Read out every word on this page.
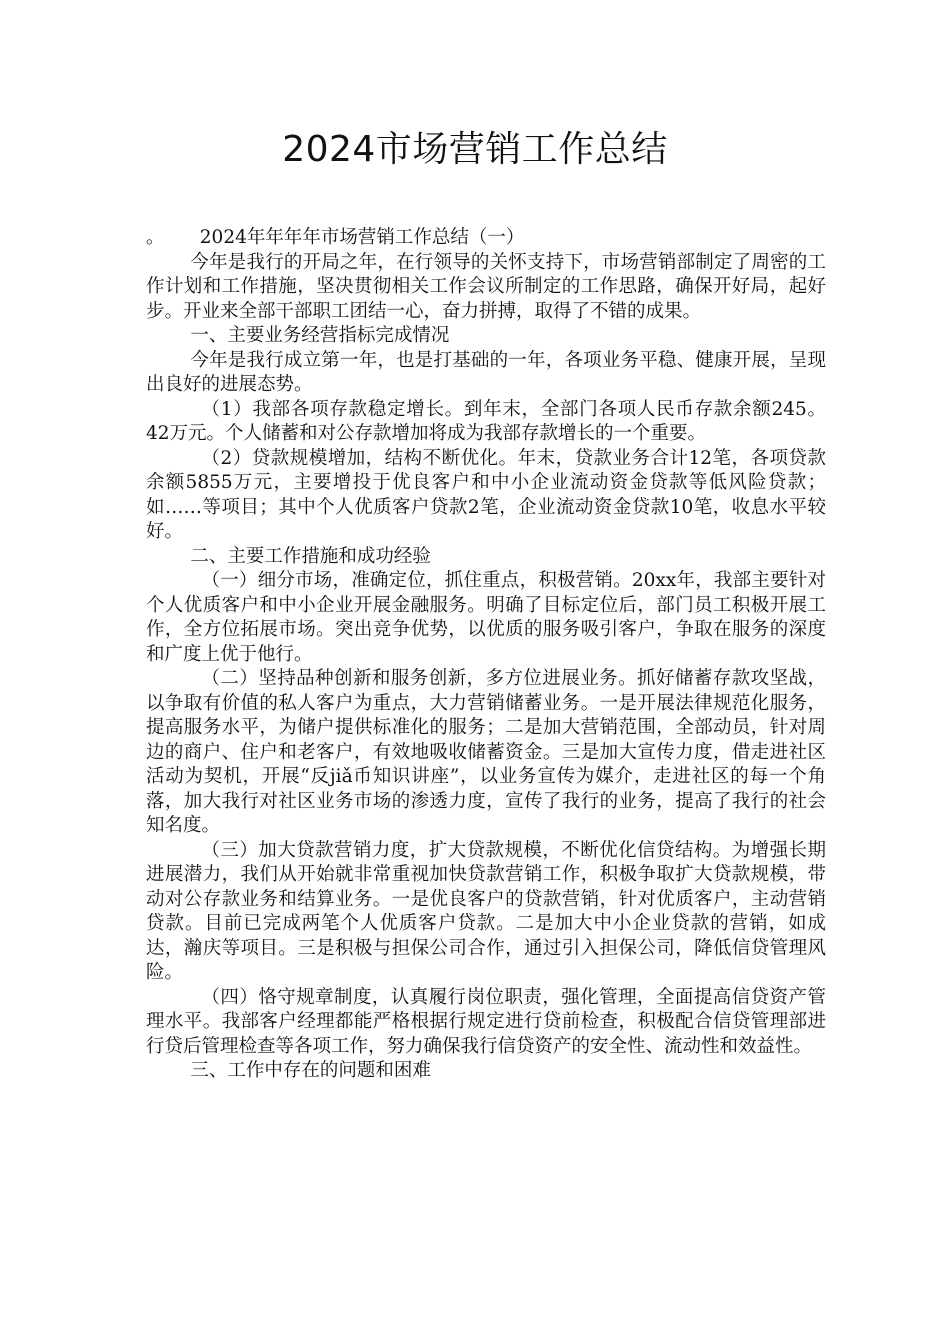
2024市场营销工作总结

。      2024年年年年市场营销工作总结（一）

今年是我行的开局之年，在行领导的关怀支持下，市场营销部制定了周密的工作计划和工作措施，坚决贯彻相关工作会议所制定的工作思路，确保开好局，起好步。开业来全部干部职工团结一心，奋力拼搏，取得了不错的成果。

一、主要业务经营指标完成情况

今年是我行成立第一年，也是打基础的一年，各项业务平稳、健康开展，呈现出良好的进展态势。

（1）我部各项存款稳定增长。到年末，全部门各项人民币存款余额245。42万元。个人储蓄和对公存款增加将成为我部存款增长的一个重要。

（2）贷款规模增加，结构不断优化。年末，贷款业务合计12笔，各项贷款余额5855万元，主要增投于优良客户和中小企业流动资金贷款等低风险贷款；如……等项目；其中个人优质客户贷款2笔，企业流动资金贷款10笔，收息水平较好。

二、主要工作措施和成功经验

（一）细分市场，准确定位，抓住重点，积极营销。20xx年，我部主要针对个人优质客户和中小企业开展金融服务。明确了目标定位后，部门员工积极开展工作，全方位拓展市场。突出竞争优势，以优质的服务吸引客户，争取在服务的深度和广度上优于他行。

（二）坚持品种创新和服务创新，多方位进展业务。抓好储蓄存款攻坚战，以争取有价值的私人客户为重点，大力营销储蓄业务。一是开展法律规范化服务，提高服务水平，为储户提供标准化的服务；二是加大营销范围，全部动员，针对周边的商户、住户和老客户，有效地吸收储蓄资金。三是加大宣传力度，借走进社区活动为契机，开展“反jiǎ币知识讲座”，以业务宣传为媒介，走进社区的每一个角落，加大我行对社区业务市场的渗透力度，宣传了我行的业务，提高了我行的社会知名度。

（三）加大贷款营销力度，扩大贷款规模，不断优化信贷结构。为增强长期进展潜力，我们从开始就非常重视加快贷款营销工作，积极争取扩大贷款规模，带动对公存款业务和结算业务。一是优良客户的贷款营销，针对优质客户，主动营销贷款。目前已完成两笔个人优质客户贷款。二是加大中小企业贷款的营销，如成达，瀚庆等项目。三是积极与担保公司合作，通过引入担保公司，降低信贷管理风险。

（四）恪守规章制度，认真履行岗位职责，强化管理，全面提高信贷资产管理水平。我部客户经理都能严格根据行规定进行贷前检查，积极配合信贷管理部进行贷后管理检查等各项工作，努力确保我行信贷资产的安全性、流动性和效益性。

三、工作中存在的问题和困难
